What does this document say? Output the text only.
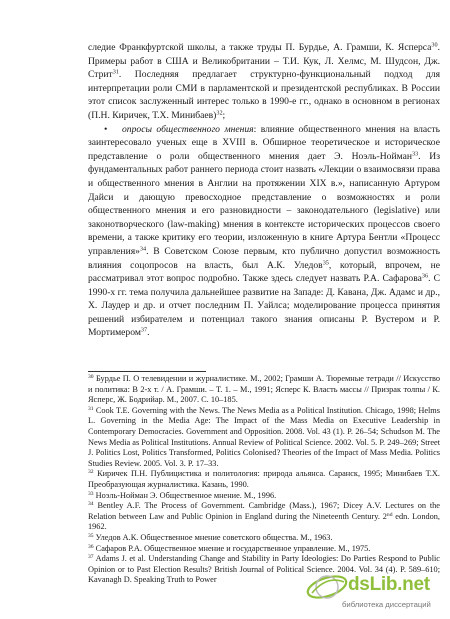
следие Франкфуртской школы, а также труды П. Бурдье, А. Грамши, К. Ясперса$^{30}$. Примеры работ в США и Великобритании – Т.И. Кук, Л. Хелмс, М. Шудсон, Дж. Стрит$^{31}$. Последняя предлагает структурно-функциональный подход для интерпретации роли СМИ в парламентской и президентской республиках. В России этот список заслуженный интерес только в 1990-е гг., однако в основном в регионах (П.Н. Киричек, Т.Х. Минибаев)$^{32}$;

• опросы общественного мнения: влияние общественного мнения на власть заинтересовало ученых еще в XVIII в. Обширное теоретическое и историческое представление о роли общественного мнения дает Э. Ноэль-Нойман$^{33}$. Из фундаментальных работ раннего периода стоит назвать «Лекции о взаимосвязи права и общественного мнения в Англии на протяжении XIX в.», написанную Артуром Дайси и дающую превосходное представление о возможностях и роли общественного мнения и его разновидности – законодательного (legislative) или законотворческого (law-making) мнения в контексте исторических процессов своего времени, а также критику его теории, изложенную в книге Артура Бентли «Процесс управления»$^{34}$. В Советском Союзе первым, кто публично допустил возможность влияния соцопросов на власть, был А.К. Уледов$^{35}$, который, впрочем, не рассматривал этот вопрос подробно. Также здесь следует назвать Р.А. Сафарова$^{36}$. С 1990-х гг. тема получила дальнейшее развитие на Западе: Д. Кавана, Дж. Адамс и др., Х. Лаудер и др. и отчет последним П. Уайлса; моделирование процесса принятия решений избирателем и потенциал такого знания описаны Р. Вустером и Р. Мортимером$^{37}$.

$^{30}$ Бурдье П. О телевидении и журналистике. М., 2002; Грамши А. Тюремные тетради // Искусство и политика: В 2-х т. / А. Грамши. – Т. 1. – М., 1991; Ясперс К. Власть массы // Призрак толпы / К. Ясперс, Ж. Бодрийар. М., 2007. С. 10–185.

$^{31}$ Cook T.E. Governing with the News. The News Media as a Political Institution. Chicago, 1998; Helms L. Governing in the Media Age: The Impact of the Mass Media on Executive Leadership in Contemporary Democracies. Government and Opposition. 2008. Vol. 43 (1). P. 26–54; Schudson M. The News Media as Political Institutions. Annual Review of Political Science. 2002. Vol. 5. P. 249–269; Street J. Politics Lost, Politics Transformed, Politics Colonised? Theories of the Impact of Mass Media. Politics Studies Review. 2005. Vol. 3. P. 17–33.

$^{32}$ Киричек П.Н. Публицистика и политология: природа альянса. Саранск, 1995; Минибаев Т.Х. Преобразующая журналистика. Казань, 1990.

$^{33}$ Ноэль-Нойман Э. Общественное мнение. М., 1996.

$^{34}$ Bentley A.F. The Process of Government. Cambridge (Mass.), 1967; Dicey A.V. Lectures on the Relation between Law and Public Opinion in England during the Nineteenth Century. 2nd edn. London, 1962.

$^{35}$ Уледов А.К. Общественное мнение советского общества. М., 1963.

$^{36}$ Сафаров Р.А. Общественное мнение и государственное управление. М., 1975.

$^{37}$ Adams J. et al. Understanding Change and Stability in Party Ideologies: Do Parties Respond to Public Opinion or to Past Election Results? British Journal of Political Science. 2004. Vol. 34 (4). P. 589–610; Kavanagh D. Speaking Truth to Power	dsLib.net
библиотека диссертаций
